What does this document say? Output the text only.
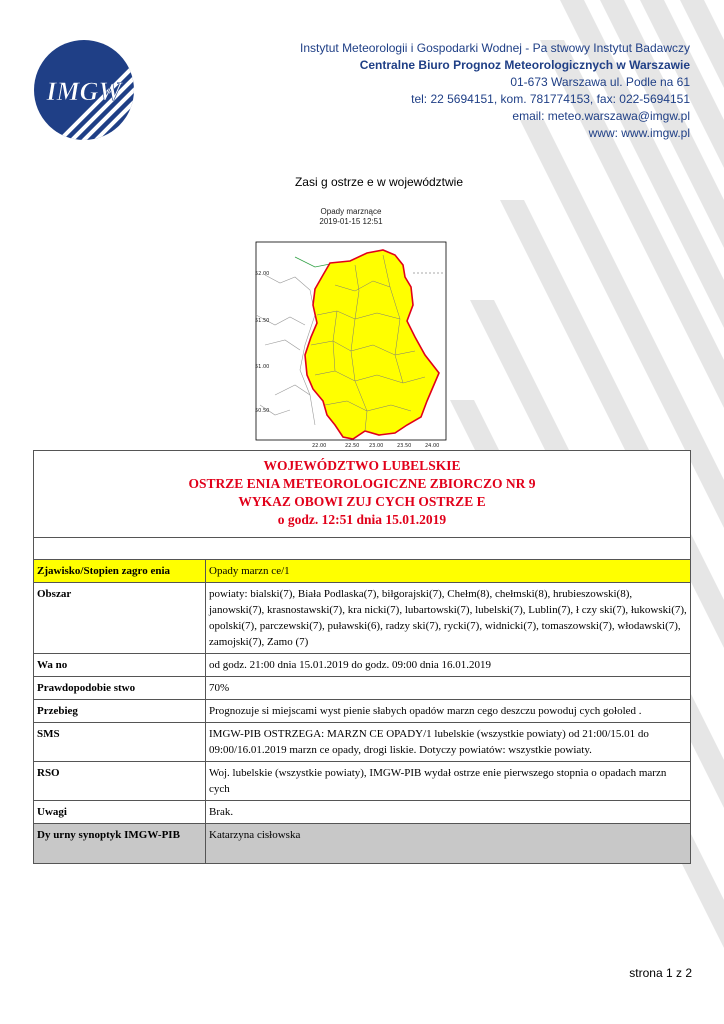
IMGW
Instytut Meteorologii i Gospodarki Wodnej - Pa stwowy Instytut Badawczy
Centralne Biuro Prognoz Meteorologicznych w Warszawie
01-673 Warszawa ul. Podle na 61
tel: 22 5694151, kom. 781774153, fax: 022-5694151
email: meteo.warszawa@imgw.pl
www: www.imgw.pl
Zasi g ostrze e w województwie
Opady marznące
2019-01-15 12:51
52.00
51.50
51.00
50.50
22.00	22.50 23.00	23.50	24.00
WOJEWÓDZTWO LUBELSKIE
OSTRZE ENIA METEOROLOGICZNE ZBIORCZO NR 9
WYKAZ OBOWI ZUJ CYCH OSTRZE E
o godz. 12:51 dnia 15.01.2019

Zjawisko/Stopien zagro enia	Opady marzn ce/1
Obszar	powiaty: bialski(7), Biała Podlaska(7), biłgorajski(7), Chełm(8), chełmski(8), hrubieszowski(8), janowski(7), krasnostawski(7), kra nicki(7), lubartowski(7), lubelski(7), Lublin(7), ł czy ski(7), łukowski(7), opolski(7), parczewski(7), puławski(6), radzy ski(7), rycki(7), widnicki(7), tomaszowski(7), włodawski(7), zamojski(7), Zamo (7)
Wa no	od godz. 21:00 dnia 15.01.2019 do godz. 09:00 dnia 16.01.2019
Prawdopodobie stwo	70%
Przebieg	Prognozuje si miejscami wyst pienie słabych opadów marzn cego deszczu powoduj cych gołoled .
SMS	IMGW-PIB OSTRZEGA: MARZN CE OPADY/1 lubelskie (wszystkie powiaty) od 21:00/15.01 do 09:00/16.01.2019 marzn ce opady, drogi liskie. Dotyczy powiatów: wszystkie powiaty.
RSO	Woj. lubelskie (wszystkie powiaty), IMGW-PIB wydał ostrze enie pierwszego stopnia o opadach marzn cych
Uwagi	Brak.
Dy urny synoptyk IMGW-PIB	Katarzyna cisłowska
strona 1 z 2
